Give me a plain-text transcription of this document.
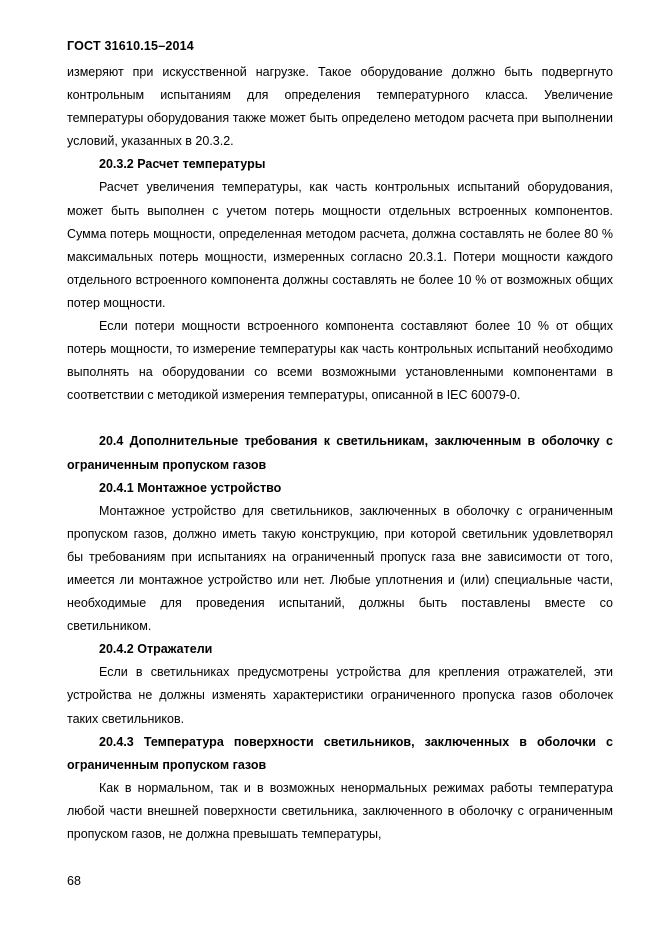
ГОСТ 31610.15–2014

измеряют при искусственной нагрузке. Такое оборудование должно быть подвергнуто контрольным испытаниям для определения температурного класса. Увеличение температуры оборудования также может быть определено методом расчета при выполнении условий, указанных в 20.3.2.

20.3.2 Расчет температуры

Расчет увеличения температуры, как часть контрольных испытаний оборудования, может быть выполнен с учетом потерь мощности отдельных встроенных компонентов. Сумма потерь мощности, определенная методом расчета, должна составлять не более 80 % максимальных потерь мощности, измеренных согласно 20.3.1. Потери мощности каждого отдельного встроенного компонента должны составлять не более 10 % от возможных общих потер мощности.

Если потери мощности встроенного компонента составляют более 10 % от общих потерь мощности, то измерение температуры как часть контрольных испытаний необходимо выполнять на оборудовании со всеми возможными установленными компонентами в соответствии с методикой измерения температуры, описанной в IEC 60079-0.

20.4 Дополнительные требования к светильникам, заключенным в оболочку с ограниченным пропуском газов

20.4.1 Монтажное устройство

Монтажное устройство для светильников, заключенных в оболочку с ограниченным пропуском газов, должно иметь такую конструкцию, при которой светильник удовлетворял бы требованиям при испытаниях на ограниченный пропуск газа вне зависимости от того, имеется ли монтажное устройство или нет. Любые уплотнения и (или) специальные части, необходимые для проведения испытаний, должны быть поставлены вместе со светильником.

20.4.2 Отражатели

Если в светильниках предусмотрены устройства для крепления отражателей, эти устройства не должны изменять характеристики ограниченного пропуска газов оболочек таких светильников.

20.4.3 Температура поверхности светильников, заключенных в оболочки с ограниченным пропуском газов

Как в нормальном, так и в возможных ненормальных режимах работы температура любой части внешней поверхности светильника, заключенного в оболочку с ограниченным пропуском газов, не должна превышать температуры,

68
